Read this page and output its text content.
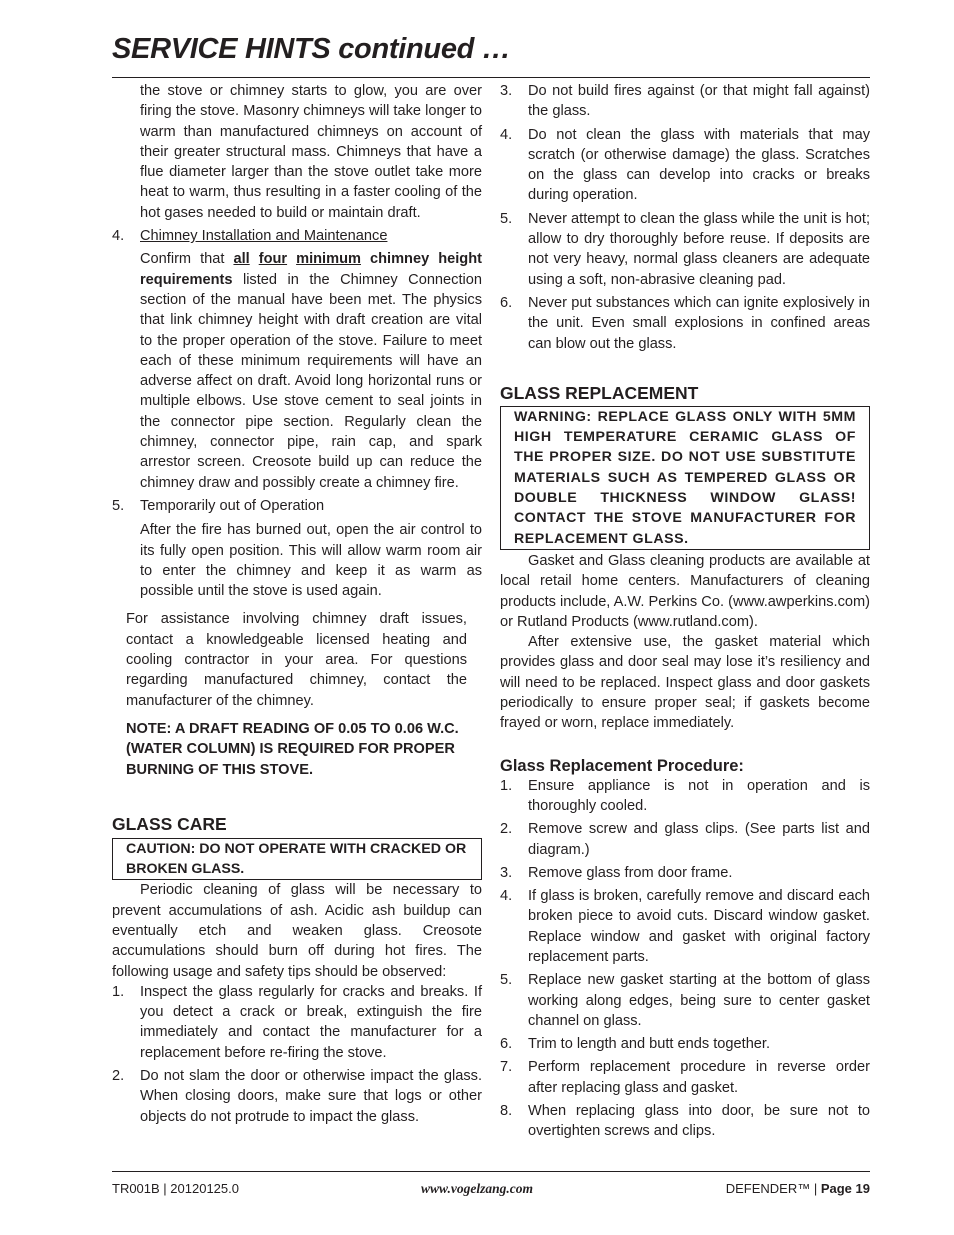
SERVICE HINTS continued …

the stove or chimney starts to glow, you are over firing the stove. Masonry chimneys will take longer to warm than manufactured chimneys on account of their greater structural mass. Chimneys that have a flue diameter larger than the stove outlet take more heat to warm, thus resulting in a faster cooling of the hot gases needed to build or maintain draft.

4. Chimney Installation and Maintenance

Confirm that all four minimum chimney height requirements listed in the Chimney Connection section of the manual have been met. The physics that link chimney height with draft creation are vital to the proper operation of the stove. Failure to meet each of these minimum requirements will have an adverse affect on draft. Avoid long horizontal runs or multiple elbows. Use stove cement to seal joints in the connector pipe section. Regularly clean the chimney, connector pipe, rain cap, and spark arrestor screen. Creosote build up can reduce the chimney draw and possibly create a chimney fire.

5. Temporarily out of Operation

After the fire has burned out, open the air control to its fully open position. This will allow warm room air to enter the chimney and keep it as warm as possible until the stove is used again.

For assistance involving chimney draft issues, contact a knowledgeable licensed heating and cooling contractor in your area. For questions regarding manufactured chimney, contact the manufacturer of the chimney.

NOTE: A DRAFT READING OF 0.05 TO 0.06 W.C. (WATER COLUMN) IS REQUIRED FOR PROPER BURNING OF THIS STOVE.

GLASS CARE

CAUTION: DO NOT OPERATE WITH CRACKED OR BROKEN GLASS.

Periodic cleaning of glass will be necessary to prevent accumulations of ash. Acidic ash buildup can eventually etch and weaken glass. Creosote accumulations should burn off during hot fires. The following usage and safety tips should be observed:

1. Inspect the glass regularly for cracks and breaks. If you detect a crack or break, extinguish the fire immediately and contact the manufacturer for a replacement before re-firing the stove.
2. Do not slam the door or otherwise impact the glass. When closing doors, make sure that logs or other objects do not protrude to impact the glass.
3. Do not build fires against (or that might fall against) the glass.
4. Do not clean the glass with materials that may scratch (or otherwise damage) the glass. Scratches on the glass can develop into cracks or breaks during operation.
5. Never attempt to clean the glass while the unit is hot; allow to dry thoroughly before reuse. If deposits are not very heavy, normal glass cleaners are adequate using a soft, non-abrasive cleaning pad.
6. Never put substances which can ignite explosively in the unit. Even small explosions in confined areas can blow out the glass.

GLASS REPLACEMENT

WARNING: REPLACE GLASS ONLY WITH 5MM HIGH TEMPERATURE CERAMIC GLASS OF THE PROPER SIZE. DO NOT USE SUBSTITUTE MATERIALS SUCH AS TEMPERED GLASS OR DOUBLE THICKNESS WINDOW GLASS! CONTACT THE STOVE MANUFACTURER FOR REPLACEMENT GLASS.

Gasket and Glass cleaning products are available at local retail home centers. Manufacturers of cleaning products include, A.W. Perkins Co. (www.awperkins.com) or Rutland Products (www.rutland.com).

After extensive use, the gasket material which provides glass and door seal may lose it’s resiliency and will need to be replaced. Inspect glass and door gaskets periodically to ensure proper seal; if gaskets become frayed or worn, replace immediately.

Glass Replacement Procedure:

1. Ensure appliance is not in operation and is thoroughly cooled.
2. Remove screw and glass clips. (See parts list and diagram.)
3. Remove glass from door frame.
4. If glass is broken, carefully remove and discard each broken piece to avoid cuts. Discard window gasket. Replace window and gasket with original factory replacement parts.
5. Replace new gasket starting at the bottom of glass working along edges, being sure to center gasket channel on glass.
6. Trim to length and butt ends together.
7. Perform replacement procedure in reverse order after replacing glass and gasket.
8. When replacing glass into door, be sure not to overtighten screws and clips.
TR001B | 20120125.0	www.vogelzang.com	DEFENDER™ | Page 19
